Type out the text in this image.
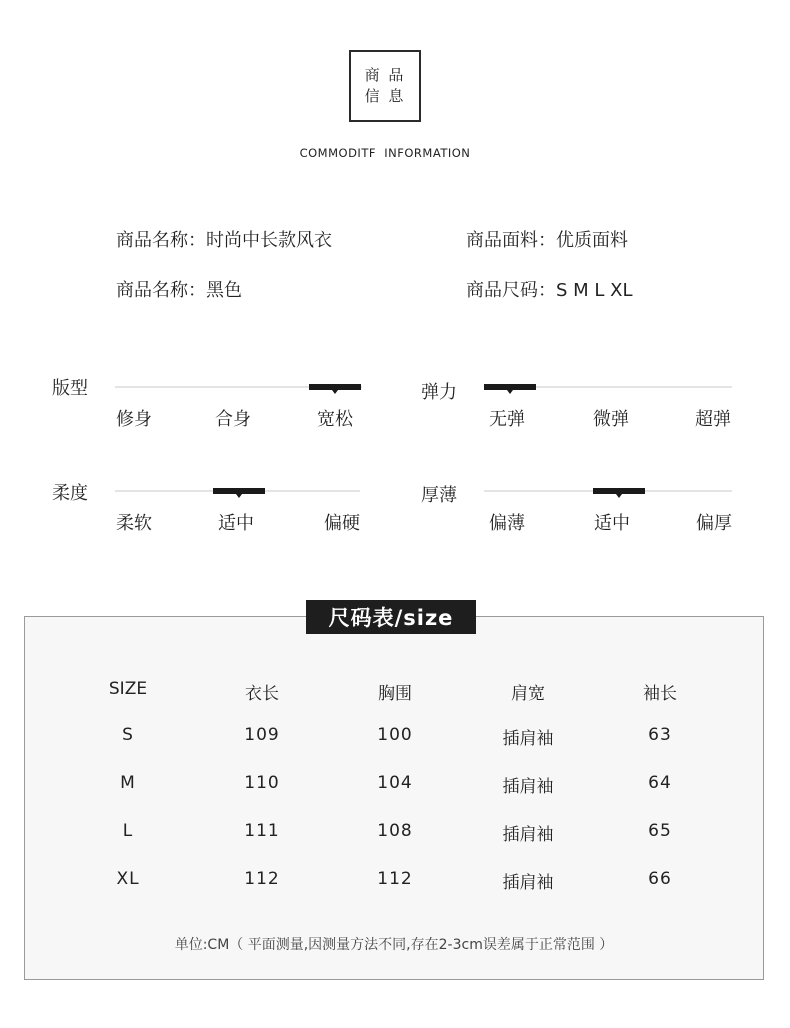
商 品
信 息
COMMODITF  INFORMATION
商品名称：时尚中长款风衣	商品面料：优质面料
商品名称：黑色	商品尺码：S M L XL
版型
修身	合身	宽松
弹力
无弹	微弹	超弹
柔度
柔软	适中	偏硬
厚薄
偏薄	适中	偏厚
尺码表/size
SIZE	衣长	胸围	肩宽	袖长
S	109	100	插肩袖	63
M	110	104	插肩袖	64
L	111	108	插肩袖	65
XL	112	112	插肩袖	66
单位:CM（ 平面测量,因测量方法不同,存在2-3cm误差属于正常范围 ）
